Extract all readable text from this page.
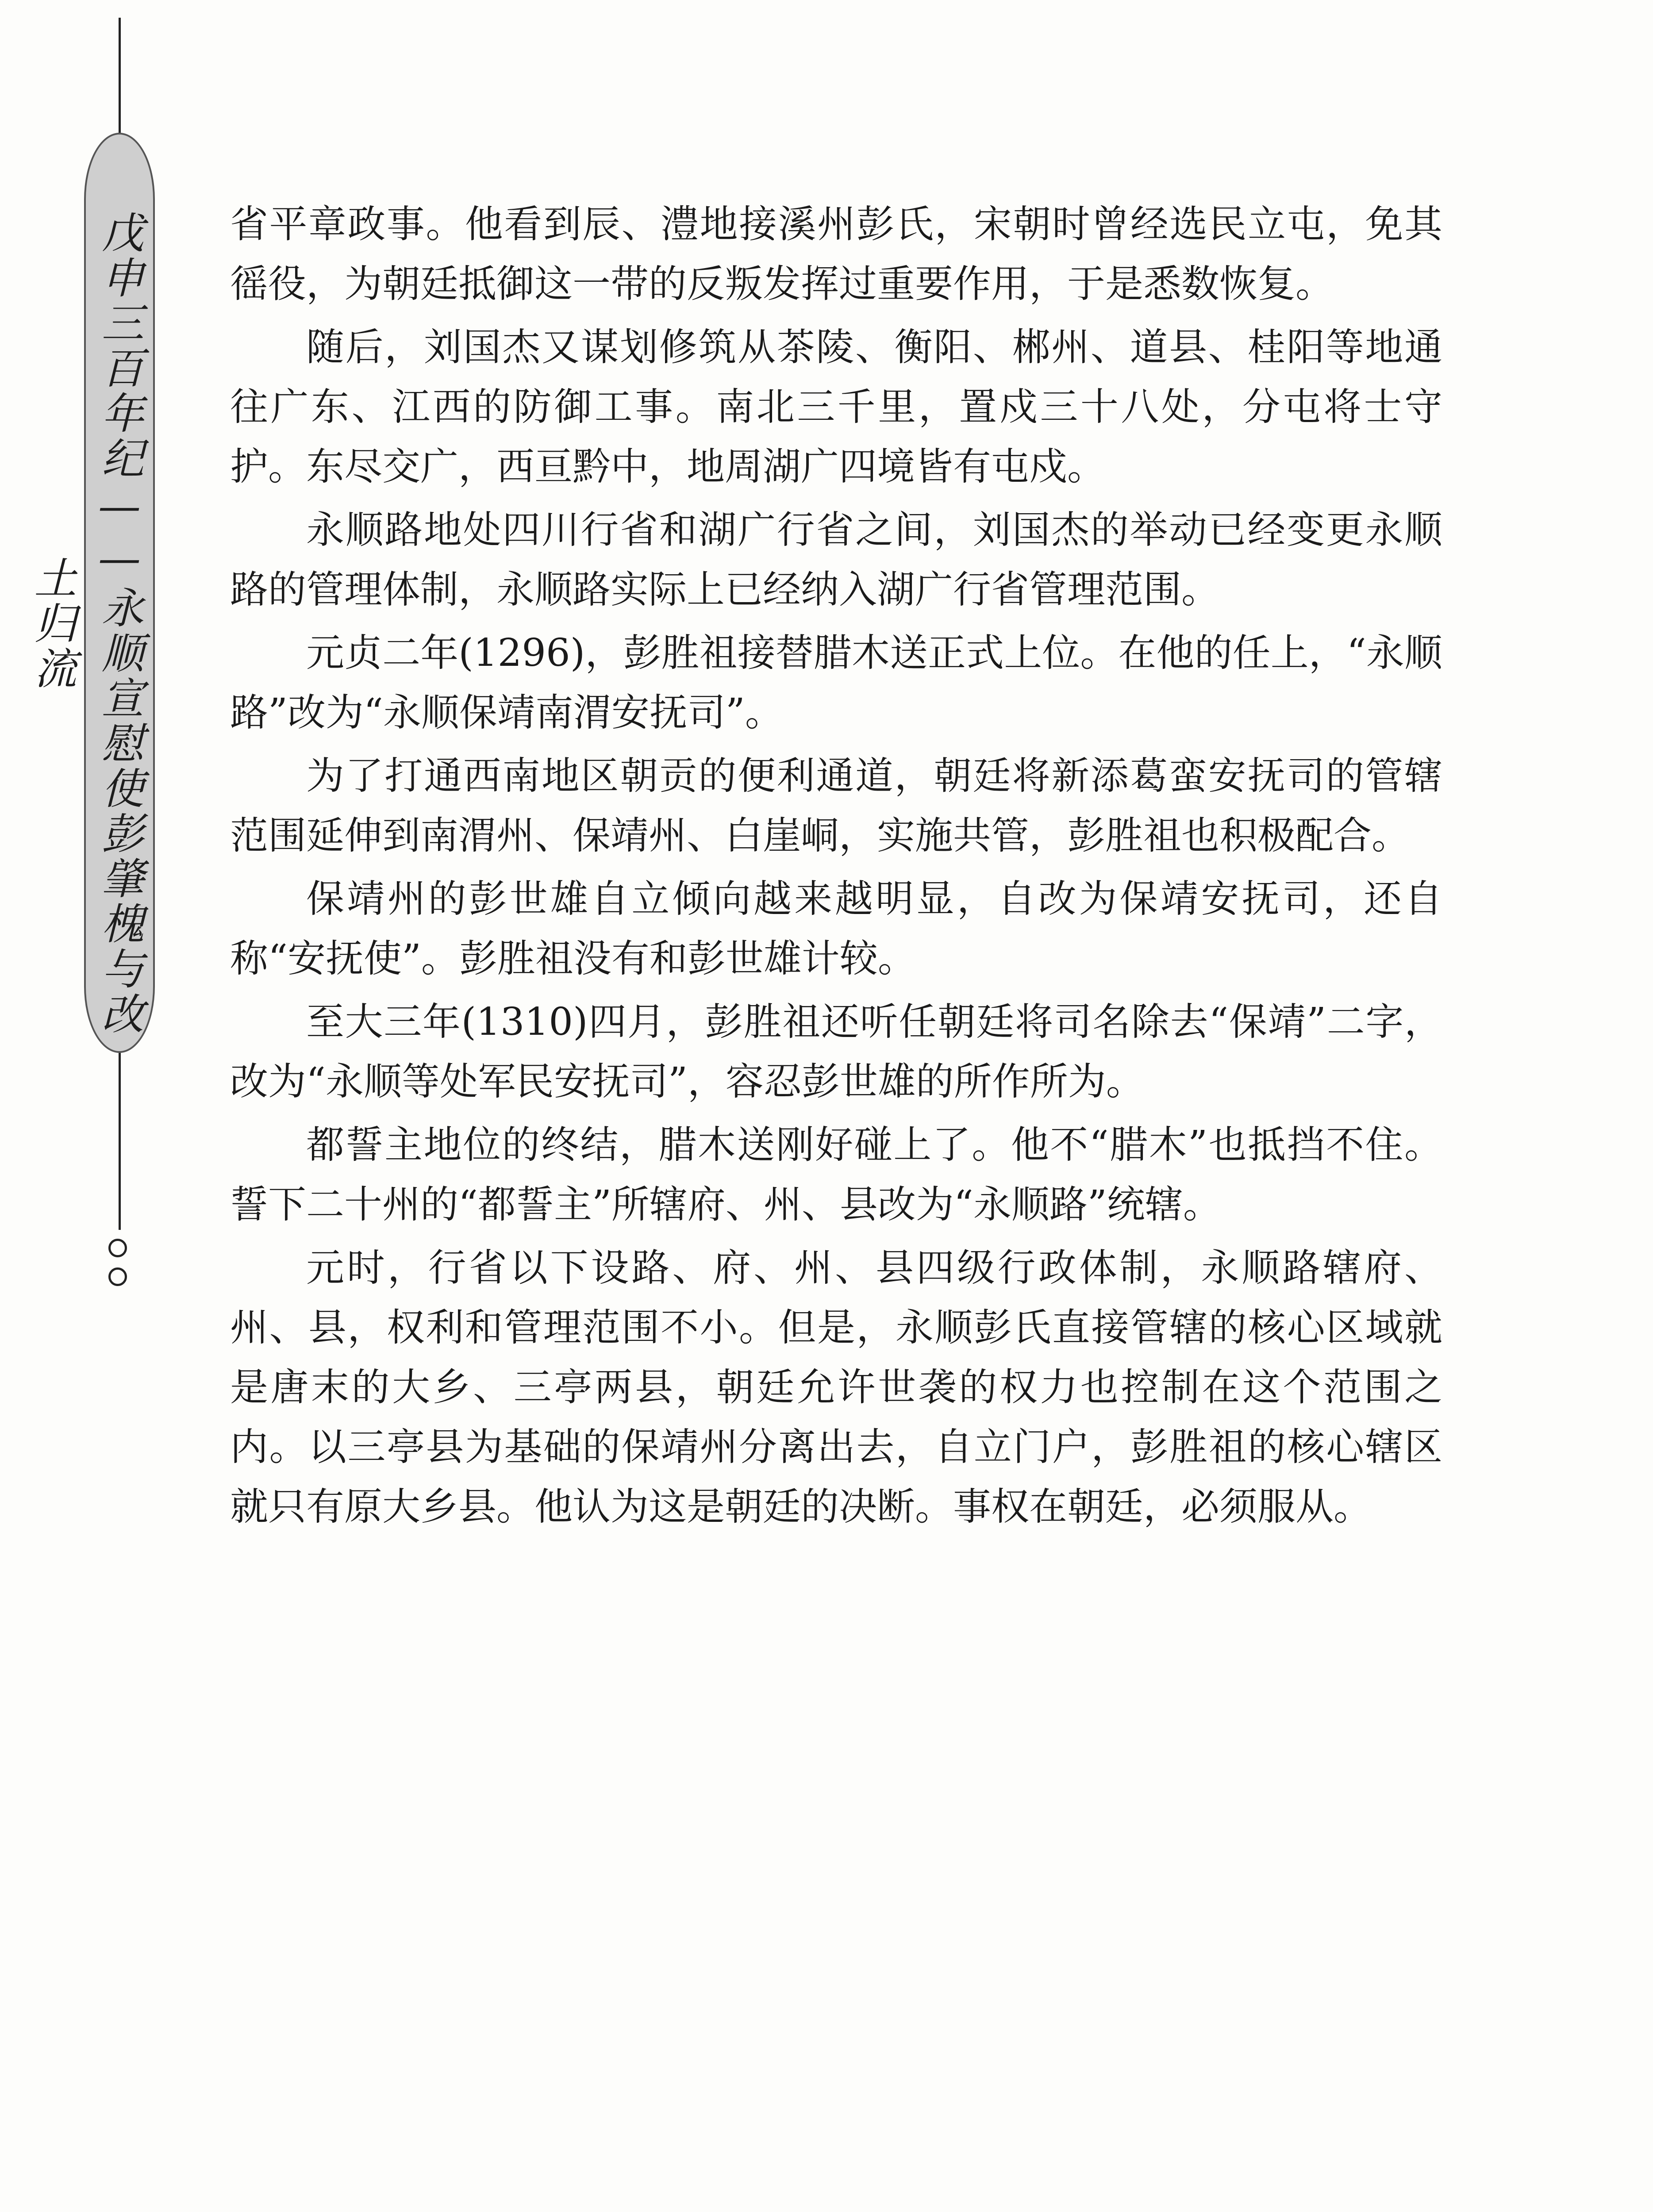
戊申三百年纪——永顺宣慰使彭肇槐与改土归流

省平章政事。他看到辰、澧地接溪州彭氏，宋朝时曾经选民立屯，免其徭役，为朝廷抵御这一带的反叛发挥过重要作用，于是悉数恢复。

随后，刘国杰又谋划修筑从茶陵、衡阳、郴州、道县、桂阳等地通往广东、江西的防御工事。南北三千里，置戍三十八处，分屯将士守护。东尽交广，西亘黔中，地周湖广四境皆有屯戍。

永顺路地处四川行省和湖广行省之间，刘国杰的举动已经变更永顺路的管理体制，永顺路实际上已经纳入湖广行省管理范围。

元贞二年(1296)，彭胜祖接替腊木送正式上位。在他的任上，“永顺路”改为“永顺保靖南渭安抚司”。

为了打通西南地区朝贡的便利通道，朝廷将新添葛蛮安抚司的管辖范围延伸到南渭州、保靖州、白崖峒，实施共管，彭胜祖也积极配合。

保靖州的彭世雄自立倾向越来越明显，自改为保靖安抚司，还自称“安抚使”。彭胜祖没有和彭世雄计较。

至大三年(1310)四月，彭胜祖还听任朝廷将司名除去“保靖”二字，改为“永顺等处军民安抚司”，容忍彭世雄的所作所为。

都誓主地位的终结，腊木送刚好碰上了。他不“腊木”也抵挡不住。誓下二十州的“都誓主”所辖府、州、县改为“永顺路”统辖。

元时，行省以下设路、府、州、县四级行政体制，永顺路辖府、州、县，权利和管理范围不小。但是，永顺彭氏直接管辖的核心区域就是唐末的大乡、三亭两县，朝廷允许世袭的权力也控制在这个范围之内。以三亭县为基础的保靖州分离出去，自立门户，彭胜祖的核心辖区就只有原大乡县。他认为这是朝廷的决断。事权在朝廷，必须服从。
